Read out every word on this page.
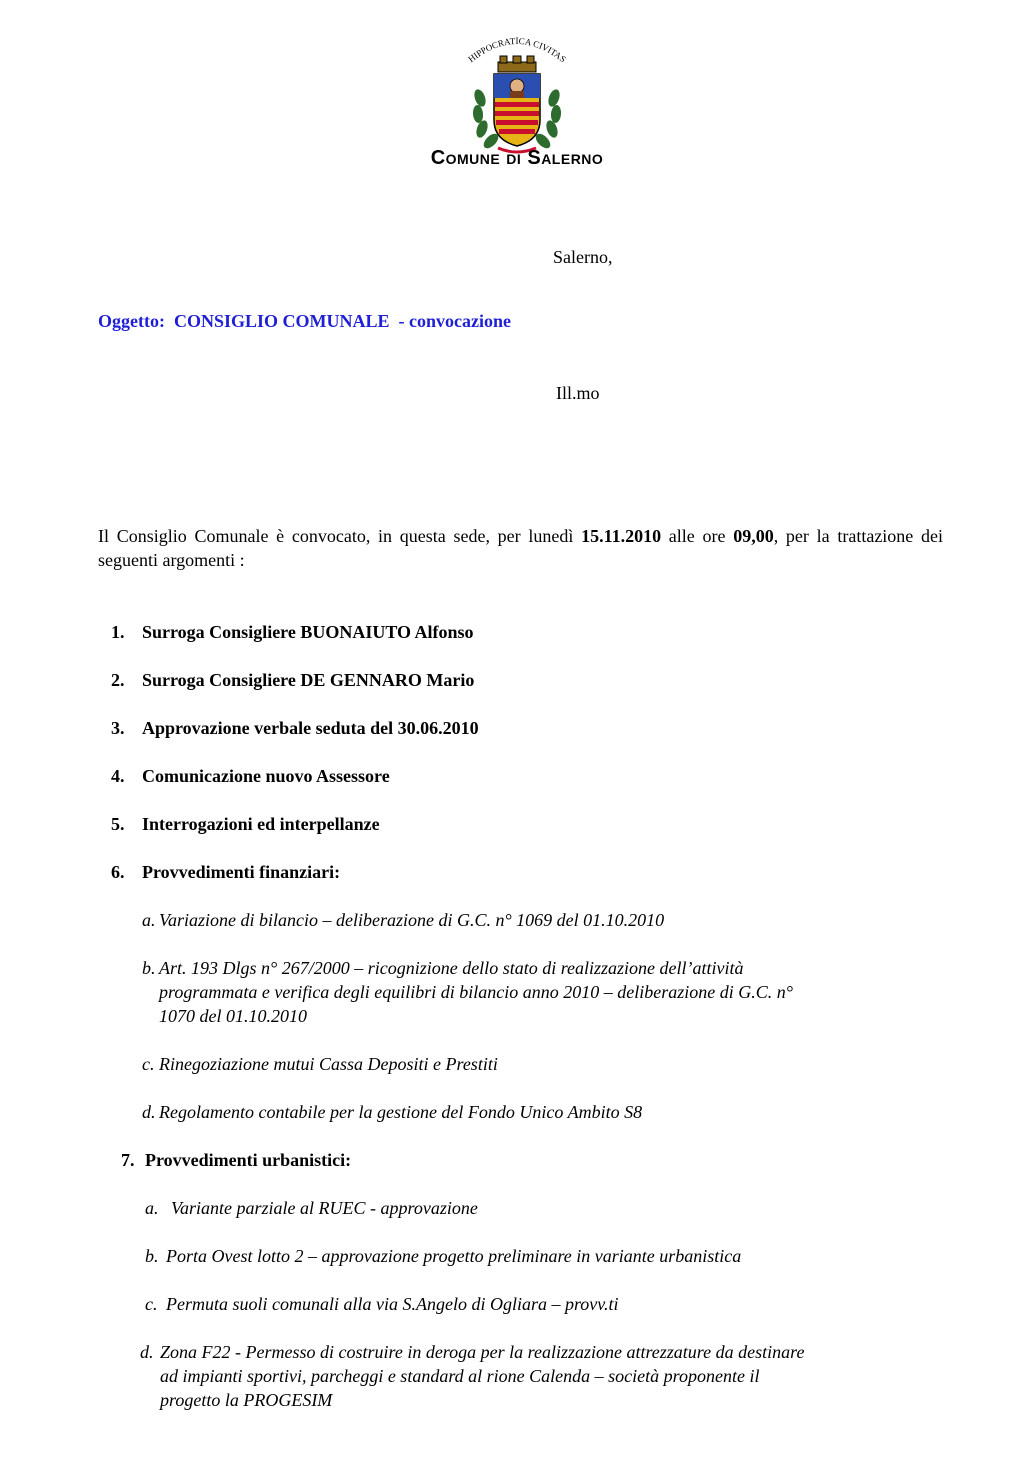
HIPPOCRATICA CIVITAS
Comune di Salerno
Salerno,
Oggetto: CONSIGLIO COMUNALE - convocazione
Ill.mo
Il Consiglio Comunale è convocato, in questa sede, per lunedì 15.11.2010 alle ore 09,00, per la trattazione dei seguenti argomenti :
1. Surroga Consigliere BUONAIUTO Alfonso
2. Surroga Consigliere DE GENNARO Mario
3. Approvazione verbale seduta del 30.06.2010
4. Comunicazione nuovo Assessore
5. Interrogazioni ed interpellanze
6. Provvedimenti finanziari:
a. Variazione di bilancio – deliberazione di G.C. n° 1069 del 01.10.2010
b. Art. 193 Dlgs n° 267/2000 – ricognizione dello stato di realizzazione dell’attività
programmata e verifica degli equilibri di bilancio anno 2010 – deliberazione di G.C. n°
1070 del 01.10.2010
c. Rinegoziazione mutui Cassa Depositi e Prestiti
d. Regolamento contabile per la gestione del Fondo Unico Ambito S8
7. Provvedimenti urbanistici:
a. Variante parziale al RUEC - approvazione
b. Porta Ovest lotto 2 – approvazione progetto preliminare in variante urbanistica
c. Permuta suoli comunali alla via S.Angelo di Ogliara – provv.ti
d. Zona F22 - Permesso di costruire in deroga per la realizzazione attrezzature da destinare
ad impianti sportivi, parcheggi e standard al rione Calenda – società proponente il
progetto la PROGESIM
